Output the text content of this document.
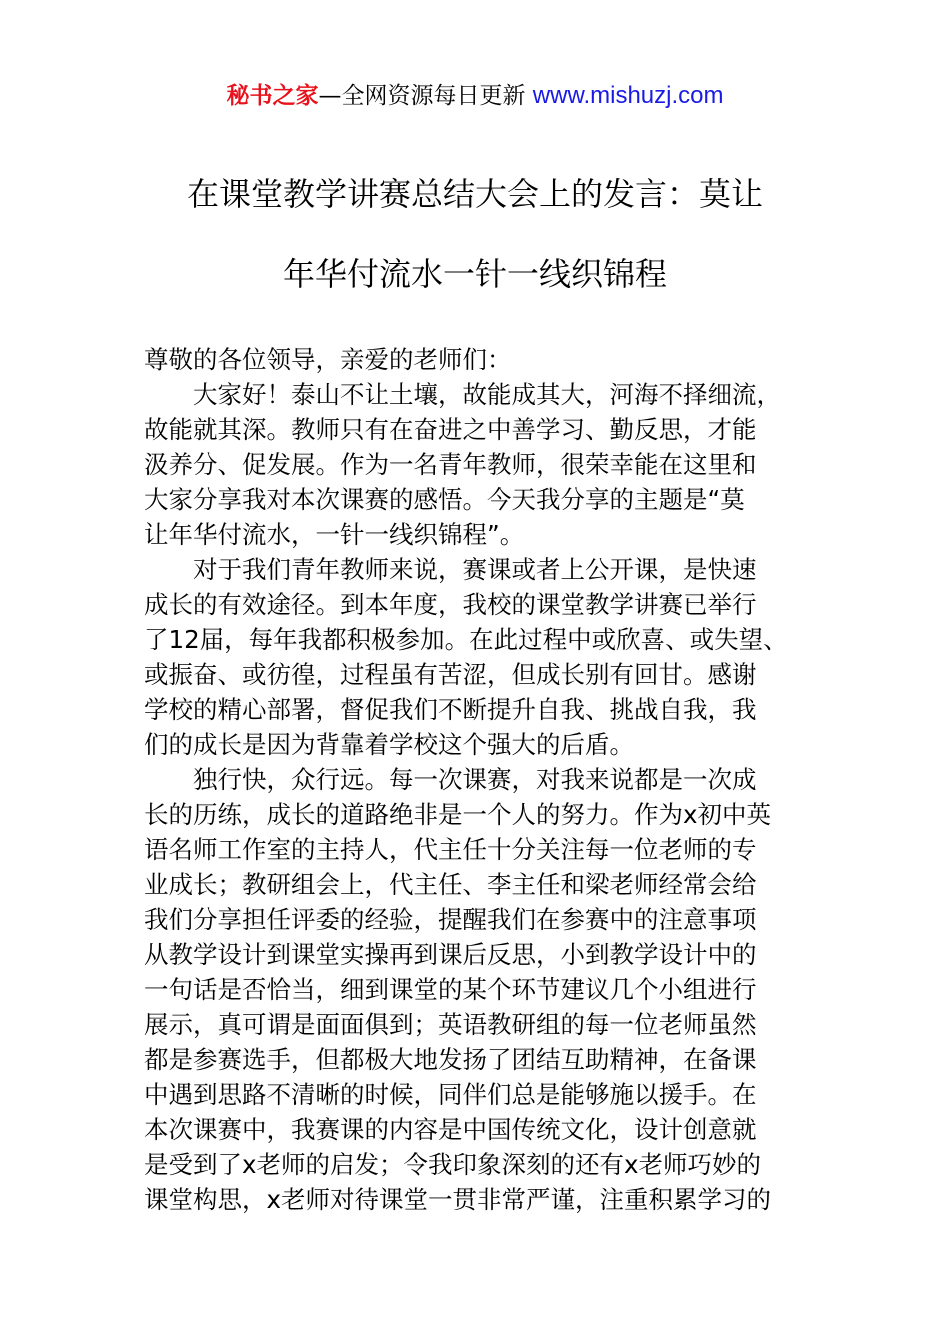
秘书之家—全网资源每日更新 www.mishuzj.com
在课堂教学讲赛总结大会上的发言：莫让
年华付流水一针一线织锦程
尊敬的各位领导，亲爱的老师们：
大家好！泰山不让土壤，故能成其大，河海不择细流，
故能就其深。教师只有在奋进之中善学习、勤反思，才能
汲养分、促发展。作为一名青年教师，很荣幸能在这里和
大家分享我对本次课赛的感悟。今天我分享的主题是“莫
让年华付流水，一针一线织锦程”。
对于我们青年教师来说，赛课或者上公开课，是快速
成长的有效途径。到本年度，我校的课堂教学讲赛已举行
了12届，每年我都积极参加。在此过程中或欣喜、或失望、
或振奋、或彷徨，过程虽有苦涩，但成长别有回甘。感谢
学校的精心部署，督促我们不断提升自我、挑战自我，我
们的成长是因为背靠着学校这个强大的后盾。
独行快，众行远。每一次课赛，对我来说都是一次成
长的历练，成长的道路绝非是一个人的努力。作为x初中英
语名师工作室的主持人，代主任十分关注每一位老师的专
业成长；教研组会上，代主任、李主任和梁老师经常会给
我们分享担任评委的经验，提醒我们在参赛中的注意事项
从教学设计到课堂实操再到课后反思，小到教学设计中的
一句话是否恰当，细到课堂的某个环节建议几个小组进行
展示，真可谓是面面俱到；英语教研组的每一位老师虽然
都是参赛选手，但都极大地发扬了团结互助精神，在备课
中遇到思路不清晰的时候，同伴们总是能够施以援手。在
本次课赛中，我赛课的内容是中国传统文化，设计创意就
是受到了x老师的启发；令我印象深刻的还有x老师巧妙的
课堂构思，x老师对待课堂一贯非常严谨，注重积累学习的
